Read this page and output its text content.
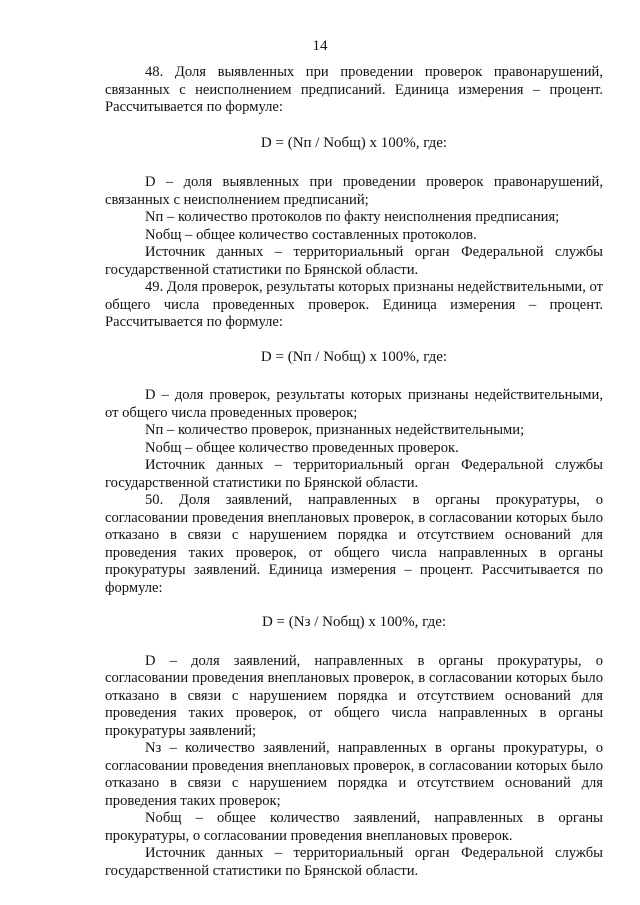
14

48. Доля выявленных при проведении проверок правонарушений, связанных с неисполнением предписаний. Единица измерения – процент. Рассчитывается по формуле:

D = (Nп / Nобщ) х 100%, где:

D – доля выявленных при проведении проверок правонарушений, связанных с неисполнением предписаний;

Nп – количество протоколов по факту неисполнения предписания;

Nобщ – общее количество составленных протоколов.

Источник данных – территориальный орган Федеральной службы государственной статистики по Брянской области.

49. Доля проверок, результаты которых признаны недействительными, от общего числа проведенных проверок. Единица измерения – процент. Рассчитывается по формуле:

D = (Nп / Nобщ) х 100%, где:

D – доля проверок, результаты которых признаны недействительными, от общего числа проведенных проверок;

Nп – количество проверок, признанных недействительными;

Nобщ – общее количество проведенных проверок.

Источник данных – территориальный орган Федеральной службы государственной статистики по Брянской области.

50. Доля заявлений, направленных в органы прокуратуры, о согласовании проведения внеплановых проверок, в согласовании которых было отказано в связи с нарушением порядка и отсутствием оснований для проведения таких проверок, от общего числа направленных в органы прокуратуры заявлений. Единица измерения – процент. Рассчитывается по формуле:

D = (Nз / Nобщ) х 100%, где:

D – доля заявлений, направленных в органы прокуратуры, о согласовании проведения внеплановых проверок, в согласовании которых было отказано в связи с нарушением порядка и отсутствием оснований для проведения таких проверок, от общего числа направленных в органы прокуратуры заявлений;

Nз – количество заявлений, направленных в органы прокуратуры, о согласовании проведения внеплановых проверок, в согласовании которых было отказано в связи с нарушением порядка и отсутствием оснований для проведения таких проверок;

Nобщ – общее количество заявлений, направленных в органы прокуратуры, о согласовании проведения внеплановых проверок.

Источник данных – территориальный орган Федеральной службы государственной статистики по Брянской области.
